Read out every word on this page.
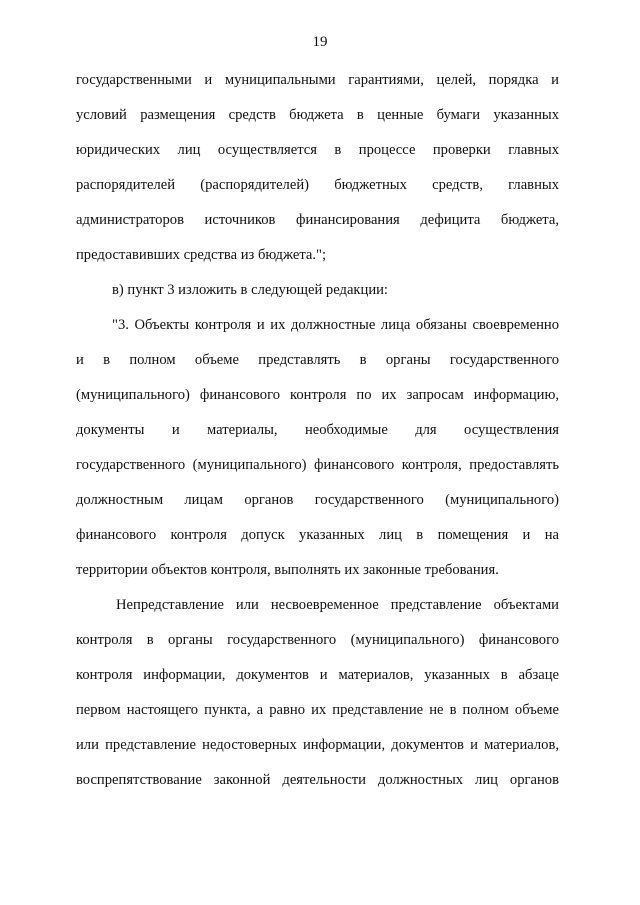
19
государственными и муниципальными гарантиями, целей, порядка и
условий размещения средств бюджета в ценные бумаги указанных
юридических лиц осуществляется в процессе проверки главных
распорядителей (распорядителей) бюджетных средств, главных
администраторов источников финансирования дефицита бюджета,
предоставивших средства из бюджета.";
в) пункт 3 изложить в следующей редакции:
"3. Объекты контроля и их должностные лица обязаны своевременно
и в полном объеме представлять в органы государственного
(муниципального) финансового контроля по их запросам информацию,
документы и материалы, необходимые для осуществления
государственного (муниципального) финансового контроля, предоставлять
должностным лицам органов государственного (муниципального)
финансового контроля допуск указанных лиц в помещения и на
территории объектов контроля, выполнять их законные требования.
Непредставление или несвоевременное представление объектами
контроля в органы государственного (муниципального) финансового
контроля информации, документов и материалов, указанных в абзаце
первом настоящего пункта, а равно их представление не в полном объеме
или представление недостоверных информации, документов и материалов,
воспрепятствование законной деятельности должностных лиц органов
